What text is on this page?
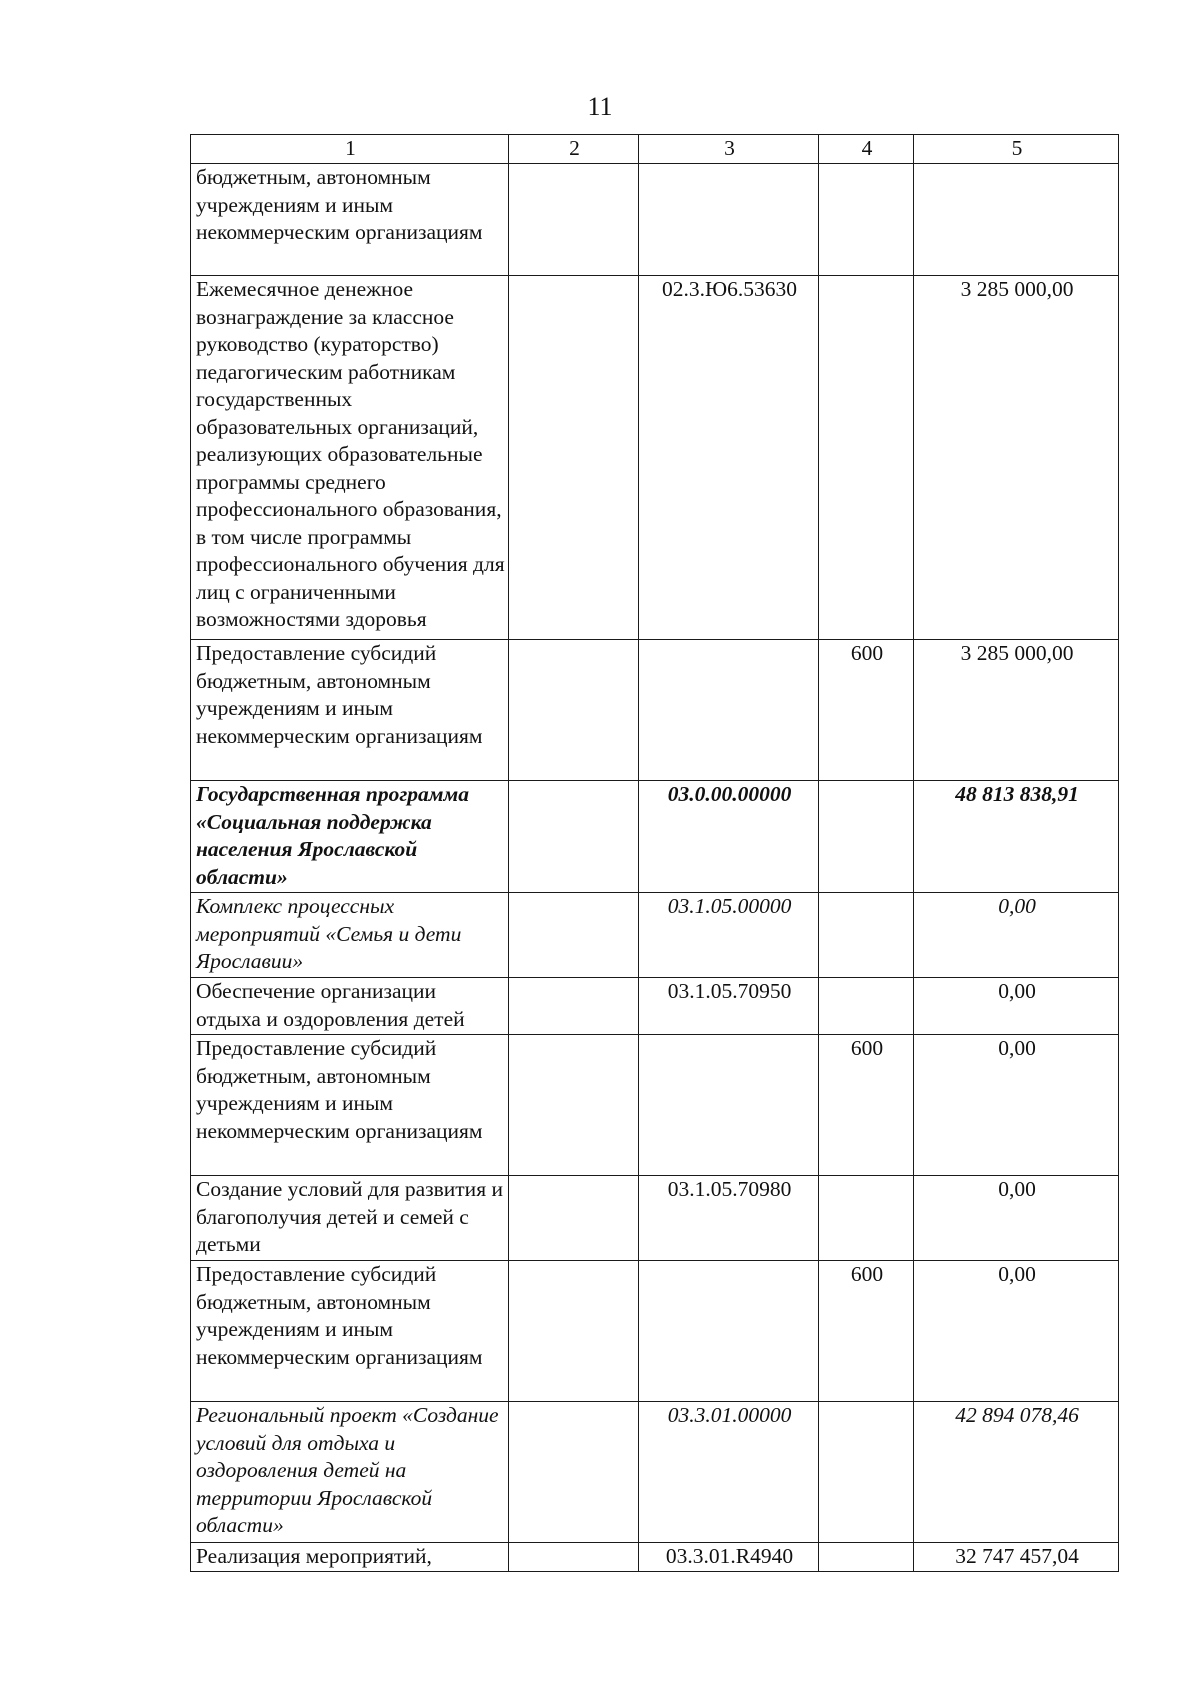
11
1	2	3	4	5
бюджетным, автономным учреждениям и иным некоммерческим организациям				
Ежемесячное денежное вознаграждение за классное руководство (кураторство) педагогическим работникам государственных образовательных организаций, реализующих образовательные программы среднего профессионального образования, в том числе программы профессионального обучения для лиц с ограниченными возможностями здоровья		02.3.Ю6.53630		3 285 000,00
Предоставление субсидий бюджетным, автономным учреждениям и иным некоммерческим организациям			600	3 285 000,00
Государственная программа «Социальная поддержка населения Ярославской области»		03.0.00.00000		48 813 838,91
Комплекс процессных мероприятий «Семья и дети Ярославии»		03.1.05.00000		0,00
Обеспечение организации отдыха и оздоровления детей		03.1.05.70950		0,00
Предоставление субсидий бюджетным, автономным учреждениям и иным некоммерческим организациям			600	0,00
Создание условий для развития и благополучия детей и семей с детьми		03.1.05.70980		0,00
Предоставление субсидий бюджетным, автономным учреждениям и иным некоммерческим организациям			600	0,00
Региональный проект «Создание условий для отдыха и оздоровления детей на территории Ярославской области»		03.3.01.00000		42 894 078,46
Реализация мероприятий,		03.3.01.R4940		32 747 457,04
